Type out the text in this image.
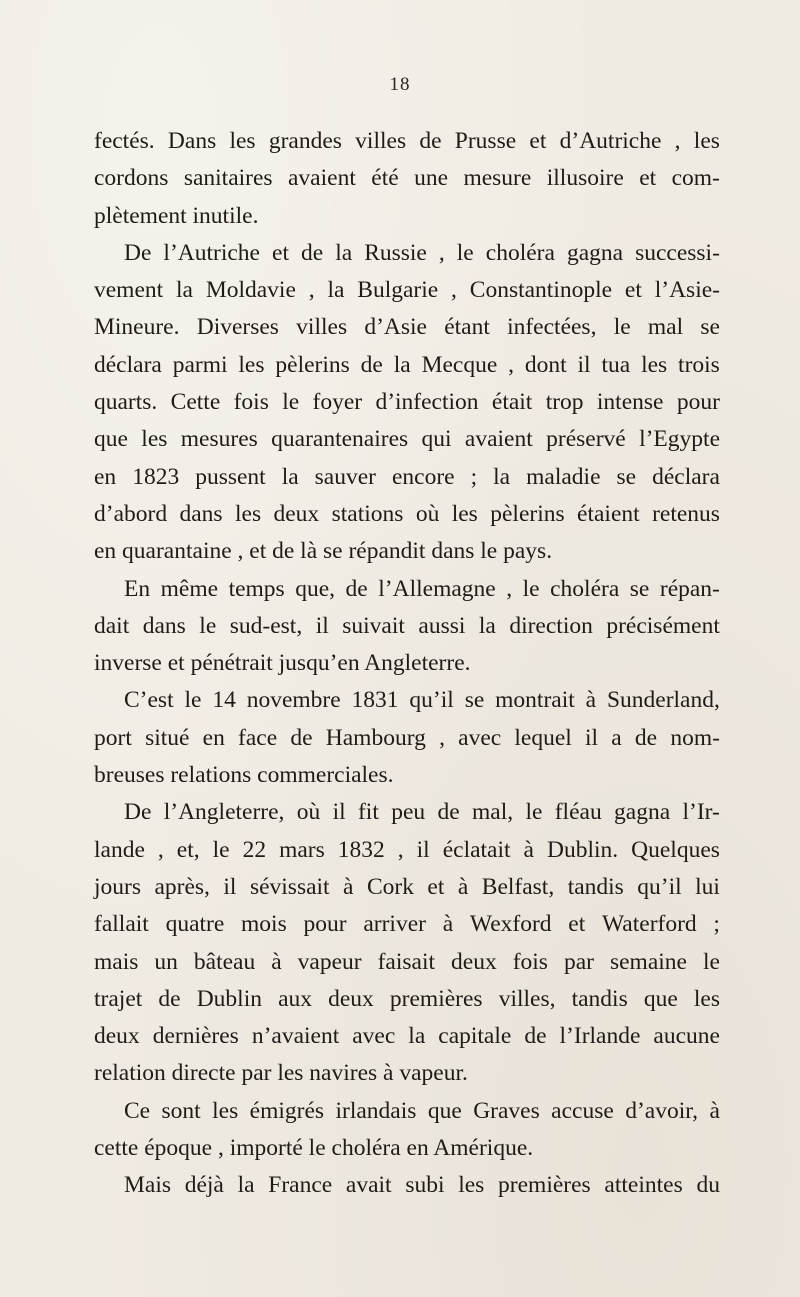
18
fectés. Dans les grandes villes de Prusse et d’Autriche , les
cordons sanitaires avaient été une mesure illusoire et com-
plètement inutile.
De l’Autriche et de la Russie , le choléra gagna successi-
vement la Moldavie , la Bulgarie , Constantinople et l’Asie-
Mineure. Diverses villes d’Asie étant infectées, le mal se
déclara parmi les pèlerins de la Mecque , dont il tua les trois
quarts. Cette fois le foyer d’infection était trop intense pour
que les mesures quarantenaires qui avaient préservé l’Egypte
en 1823 pussent la sauver encore ; la maladie se déclara
d’abord dans les deux stations où les pèlerins étaient retenus
en quarantaine , et de là se répandit dans le pays.
En même temps que, de l’Allemagne , le choléra se répan-
dait dans le sud-est, il suivait aussi la direction précisément
inverse et pénétrait jusqu’en Angleterre.
C’est le 14 novembre 1831 qu’il se montrait à Sunderland,
port situé en face de Hambourg , avec lequel il a de nom-
breuses relations commerciales.
De l’Angleterre, où il fit peu de mal, le fléau gagna l’Ir-
lande , et, le 22 mars 1832 , il éclatait à Dublin. Quelques
jours après, il sévissait à Cork et à Belfast, tandis qu’il lui
fallait quatre mois pour arriver à Wexford et Waterford ;
mais un bâteau à vapeur faisait deux fois par semaine le
trajet de Dublin aux deux premières villes, tandis que les
deux dernières n’avaient avec la capitale de l’Irlande aucune
relation directe par les navires à vapeur.
Ce sont les émigrés irlandais que Graves accuse d’avoir, à
cette époque , importé le choléra en Amérique.
Mais déjà la France avait subi les premières atteintes du
